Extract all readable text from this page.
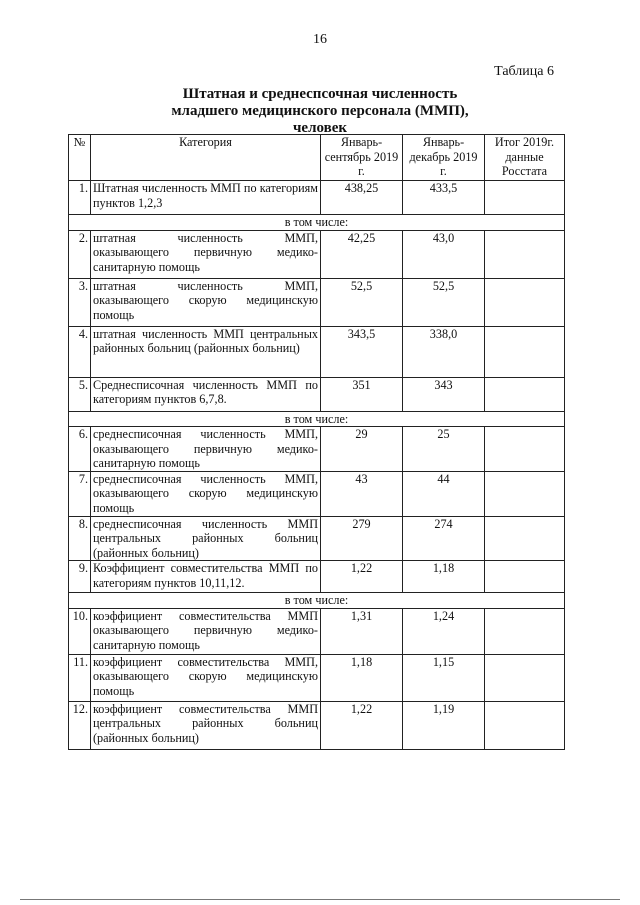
16
Таблица 6
Штатная и среднеспсочная численность
младшего медицинского персонала (ММП),
человек
№	Категория	Январь-сентябрь 2019 г.	Январь-декабрь 2019 г.	Итог 2019г. данные Росстата
1.	Штатная численность ММП по категориям пунктов 1,2,3	438,25	433,5	
в том числе:				
2.	штатная численность ММП, оказывающего первичную медико-санитарную помощь	42,25	43,0	
3.	штатная численность ММП, оказывающего скорую медицинскую помощь	52,5	52,5	
4.	штатная численность ММП центральных районных больниц (районных больниц)	343,5	338,0	
5.	Среднесписочная численность ММП по категориям пунктов 6,7,8.	351	343	
в том числе:				
6.	среднесписочная численность ММП, оказывающего первичную медико-санитарную помощь	29	25	
7.	среднесписочная численность ММП, оказывающего скорую медицинскую помощь	43	44	
8.	среднесписочная численность ММП центральных районных больниц (районных больниц)	279	274	
9.	Коэффициент совместительства ММП по категориям пунктов 10,11,12.	1,22	1,18	
в том числе:				
10.	коэффициент совместительства ММП оказывающего первичную медико-санитарную помощь	1,31	1,24	
11.	коэффициент совместительства ММП, оказывающего скорую медицинскую помощь	1,18	1,15	
12.	коэффициент совместительства ММП центральных районных больниц (районных больниц)	1,22	1,19	
